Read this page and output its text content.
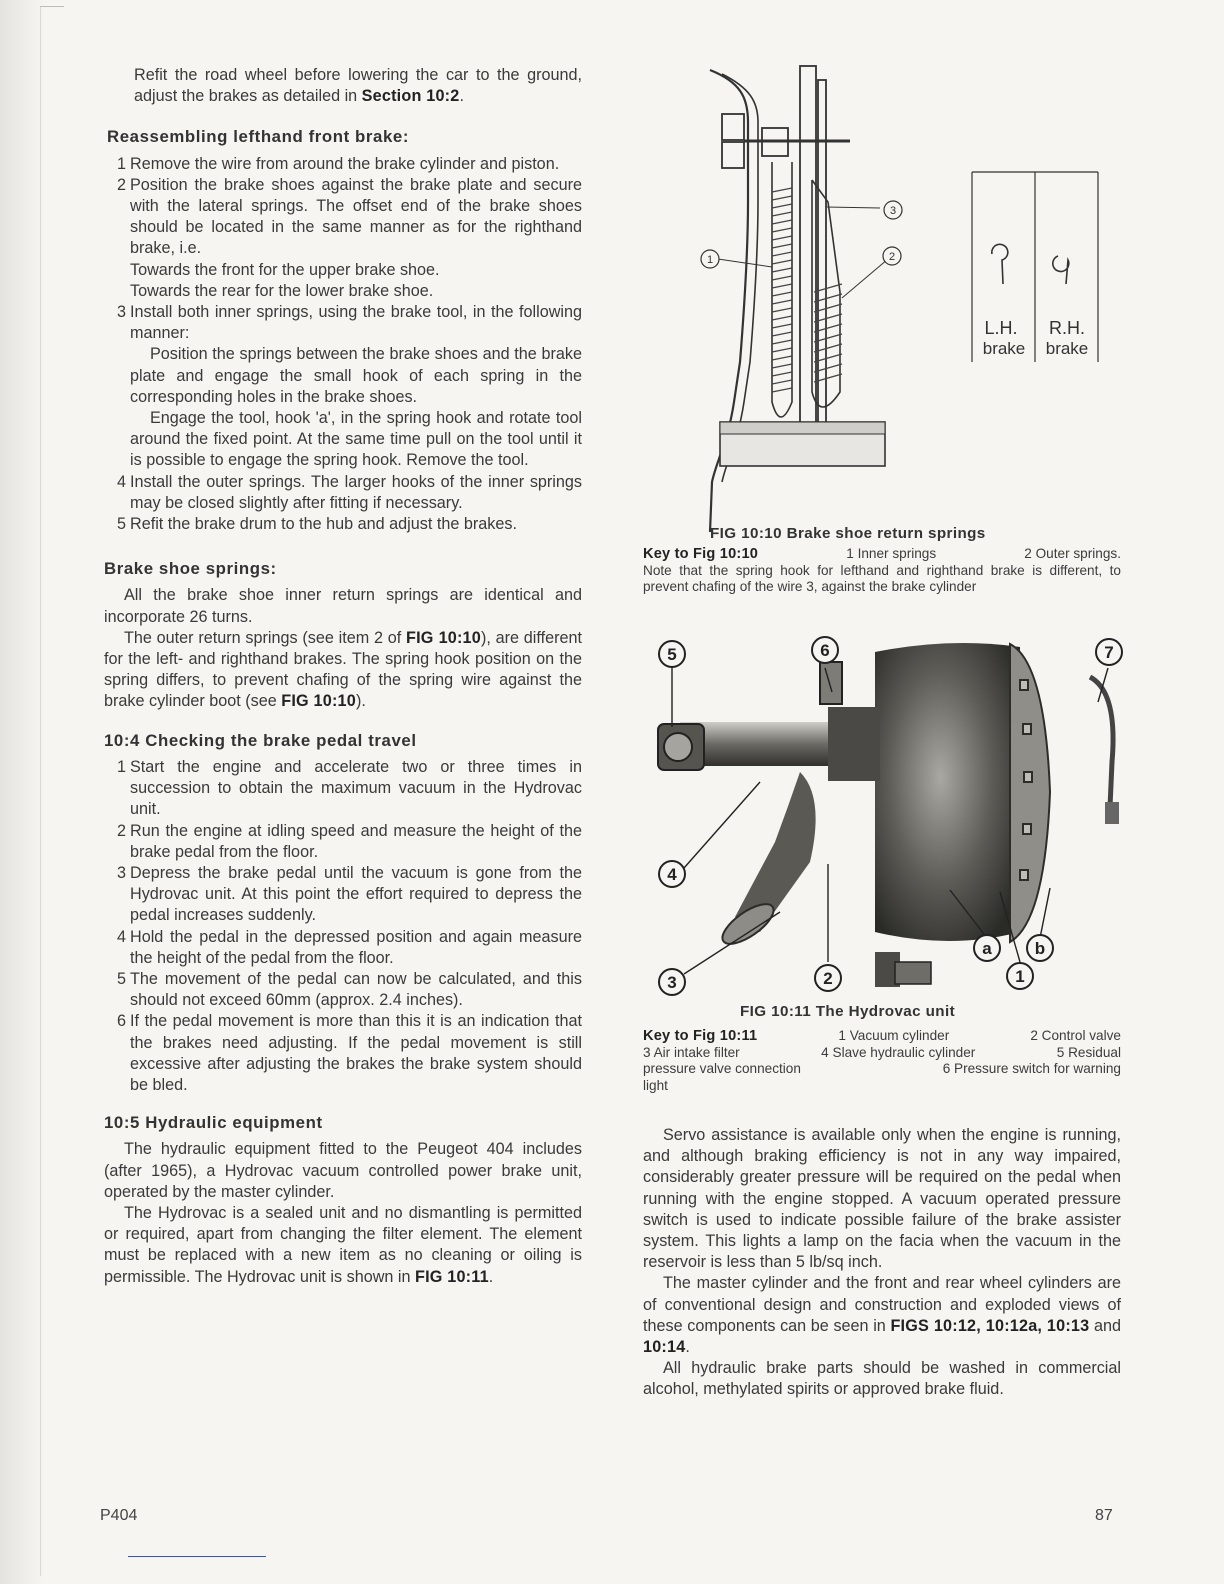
Refit the road wheel before lowering the car to the ground, adjust the brakes as detailed in Section 10:2.

Reassembling lefthand front brake:
1 Remove the wire from around the brake cylinder and piston.
2 Position the brake shoes against the brake plate and secure with the lateral springs. The offset end of the brake shoes should be located in the same manner as for the righthand brake, i.e.
Towards the front for the upper brake shoe.
Towards the rear for the lower brake shoe.
3 Install both inner springs, using the brake tool, in the following manner:

Position the springs between the brake shoes and the brake plate and engage the small hook of each spring in the corresponding holes in the brake shoes.

Engage the tool, hook 'a', in the spring hook and rotate tool around the fixed point. At the same time pull on the tool until it is possible to engage the spring hook. Remove the tool.

4 Install the outer springs. The larger hooks of the inner springs may be closed slightly after fitting if necessary.
5 Refit the brake drum to the hub and adjust the brakes.
Brake shoe springs:

All the brake shoe inner return springs are identical and incorporate 26 turns.

The outer return springs (see item 2 of FIG 10:10), are different for the left- and righthand brakes. The spring hook position on the spring differs, to prevent chafing of the spring wire against the brake cylinder boot (see FIG 10:10).

10:4 Checking the brake pedal travel
1 Start the engine and accelerate two or three times in succession to obtain the maximum vacuum in the Hydrovac unit.
2 Run the engine at idling speed and measure the height of the brake pedal from the floor.
3 Depress the brake pedal until the vacuum is gone from the Hydrovac unit. At this point the effort required to depress the pedal increases suddenly.
4 Hold the pedal in the depressed position and again measure the height of the pedal from the floor.
5 The movement of the pedal can now be calculated, and this should not exceed 60mm (approx. 2.4 inches).
6 If the pedal movement is more than this it is an indication that the brakes need adjusting. If the pedal movement is still excessive after adjusting the brakes the brake system should be bled.
10:5 Hydraulic equipment

The hydraulic equipment fitted to the Peugeot 404 includes (after 1965), a Hydrovac vacuum controlled power brake unit, operated by the master cylinder.

The Hydrovac is a sealed unit and no dismantling is permitted or required, apart from changing the filter element. The element must be replaced with a new item as no cleaning or oiling is permissible. The Hydrovac unit is shown in FIG 10:11.

3
1	2
L.H.
brake
R.H.
brake
FIG 10:10 Brake shoe return springs
Key to Fig 10:10	1 Inner springs	2 Outer springs.
Note that the spring hook for lefthand and righthand brake is different, to prevent chafing of the wire 3, against the brake cylinder
5	6	7
4
3	2
a	b
1
FIG 10:11 The Hydrovac unit
Key to Fig 10:11	1 Vacuum cylinder	2 Control valve
3 Air intake filter	4 Slave hydraulic cylinder	5 Residual
pressure valve connection	6 Pressure switch for warning
light

Servo assistance is available only when the engine is running, and although braking efficiency is not in any way impaired, considerably greater pressure will be required on the pedal when running with the engine stopped. A vacuum operated pressure switch is used to indicate possible failure of the brake assister system. This lights a lamp on the facia when the vacuum in the reservoir is less than 5 lb/sq inch.

The master cylinder and the front and rear wheel cylinders are of conventional design and construction and exploded views of these components can be seen in FIGS 10:12, 10:12a, 10:13 and 10:14.

All hydraulic brake parts should be washed in commercial alcohol, methylated spirits or approved brake fluid.

P404	87
